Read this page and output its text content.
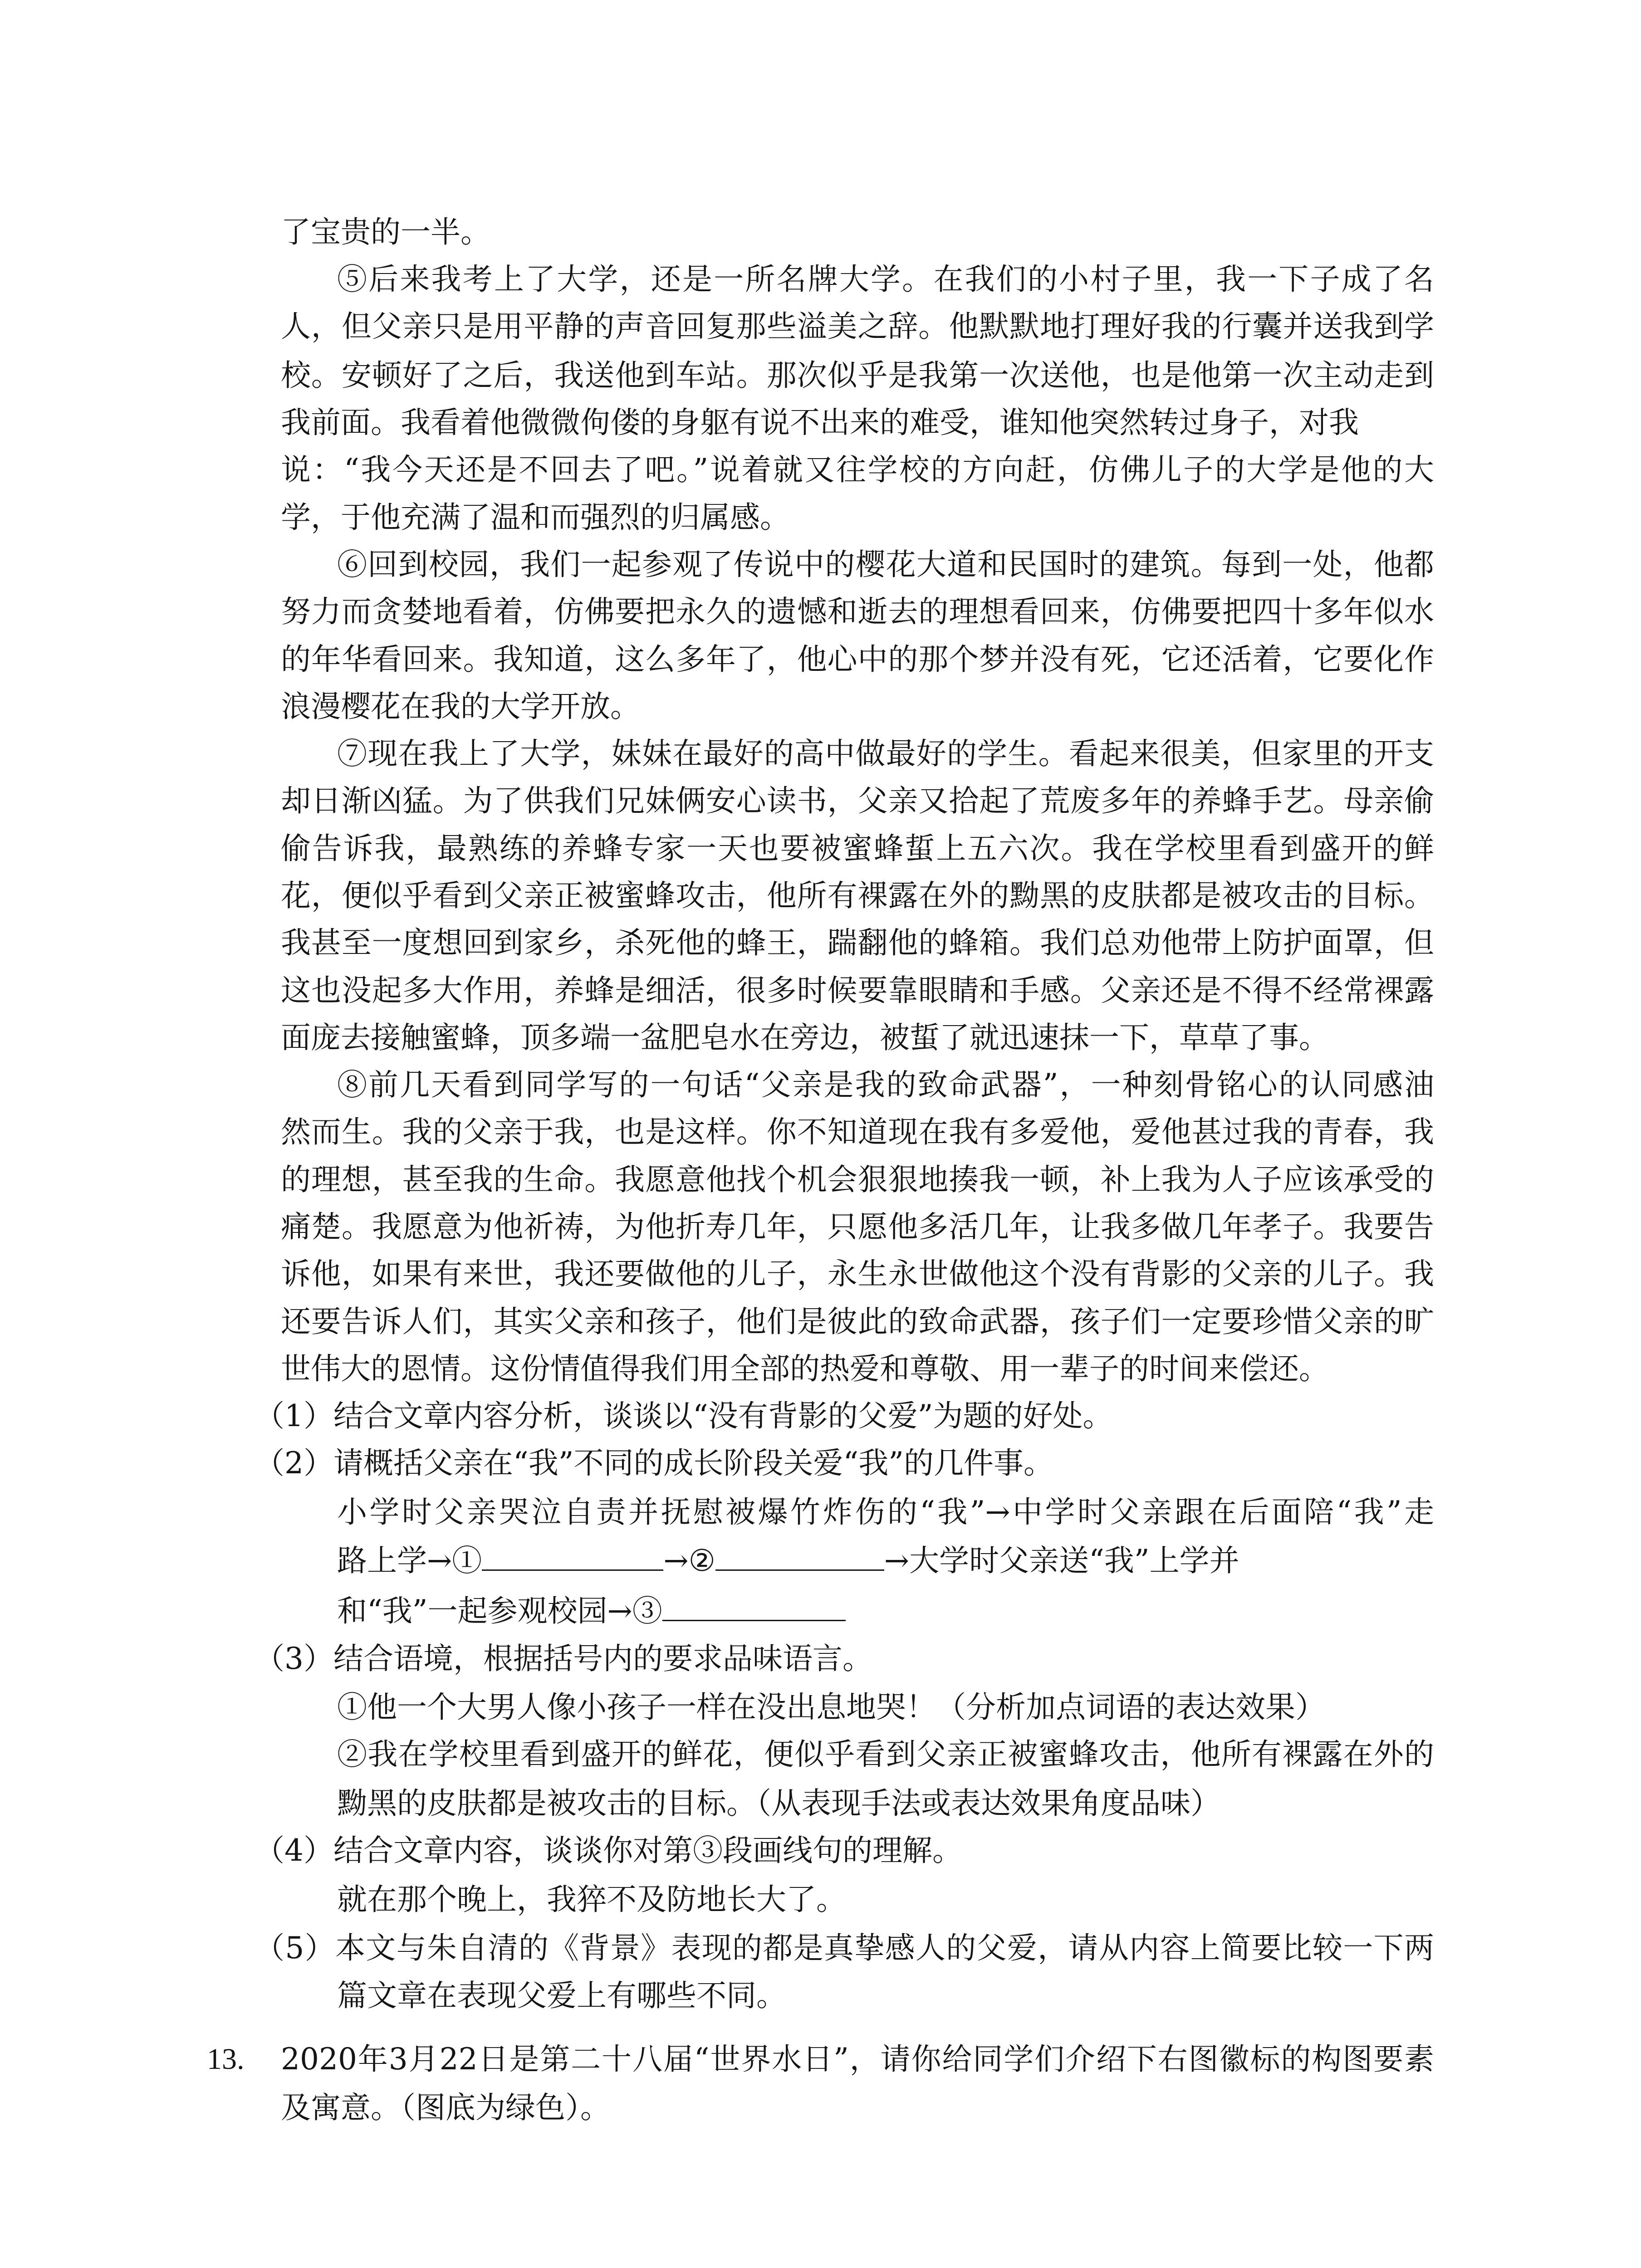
了宝贵的一半。
⑤后来我考上了大学，还是一所名牌大学。在我们的小村子里，我一下子成了名
人，但父亲只是用平静的声音回复那些溢美之辞。他默默地打理好我的行囊并送我到学
校。安顿好了之后，我送他到车站。那次似乎是我第一次送他，也是他第一次主动走到
我前面。我看着他微微佝偻的身躯有说不出来的难受，谁知他突然转过身子，对我
说：“我今天还是不回去了吧。”说着就又往学校的方向赶，仿佛儿子的大学是他的大
学，于他充满了温和而强烈的归属感。
⑥回到校园，我们一起参观了传说中的樱花大道和民国时的建筑。每到一处，他都
努力而贪婪地看着，仿佛要把永久的遗憾和逝去的理想看回来，仿佛要把四十多年似水
的年华看回来。我知道，这么多年了，他心中的那个梦并没有死，它还活着，它要化作
浪漫樱花在我的大学开放。
⑦现在我上了大学，妹妹在最好的高中做最好的学生。看起来很美，但家里的开支
却日渐凶猛。为了供我们兄妹俩安心读书，父亲又拾起了荒废多年的养蜂手艺。母亲偷
偷告诉我，最熟练的养蜂专家一天也要被蜜蜂蜇上五六次。我在学校里看到盛开的鲜
花，便似乎看到父亲正被蜜蜂攻击，他所有裸露在外的黝黑的皮肤都是被攻击的目标。
我甚至一度想回到家乡，杀死他的蜂王，踹翻他的蜂箱。我们总劝他带上防护面罩，但
这也没起多大作用，养蜂是细活，很多时候要靠眼睛和手感。父亲还是不得不经常裸露
面庞去接触蜜蜂，顶多端一盆肥皂水在旁边，被蜇了就迅速抹一下，草草了事。
⑧前几天看到同学写的一句话“父亲是我的致命武器”，一种刻骨铭心的认同感油
然而生。我的父亲于我，也是这样。你不知道现在我有多爱他，爱他甚过我的青春，我
的理想，甚至我的生命。我愿意他找个机会狠狠地揍我一顿，补上我为人子应该承受的
痛楚。我愿意为他祈祷，为他折寿几年，只愿他多活几年，让我多做几年孝子。我要告
诉他，如果有来世，我还要做他的儿子，永生永世做他这个没有背影的父亲的儿子。我
还要告诉人们，其实父亲和孩子，他们是彼此的致命武器，孩子们一定要珍惜父亲的旷
世伟大的恩情。这份情值得我们用全部的热爱和尊敬、用一辈子的时间来偿还。
（1）结合文章内容分析，谈谈以“没有背影的父爱”为题的好处。
（2）请概括父亲在“我”不同的成长阶段关爱“我”的几件事。
小学时父亲哭泣自责并抚慰被爆竹炸伤的“我”→中学时父亲跟在后面陪“我”走
路上学→①	→②	→大学时父亲送“我”上学并
和“我”一起参观校园→③
（3）结合语境，根据括号内的要求品味语言。
①他一个大男人像小孩子一样在没出息地哭！（分析加点词语的表达效果）
②我在学校里看到盛开的鲜花，便似乎看到父亲正被蜜蜂攻击，他所有裸露在外的
黝黑的皮肤都是被攻击的目标。（从表现手法或表达效果角度品味）
（4）结合文章内容，谈谈你对第③段画线句的理解。
就在那个晚上，我猝不及防地长大了。
（5）本文与朱自清的《背景》表现的都是真挚感人的父爱，请从内容上简要比较一下两
篇文章在表现父爱上有哪些不同。
13.	2020年3月22日是第二十八届“世界水日”，请你给同学们介绍下右图徽标的构图要素
及寓意。（图底为绿色）。
